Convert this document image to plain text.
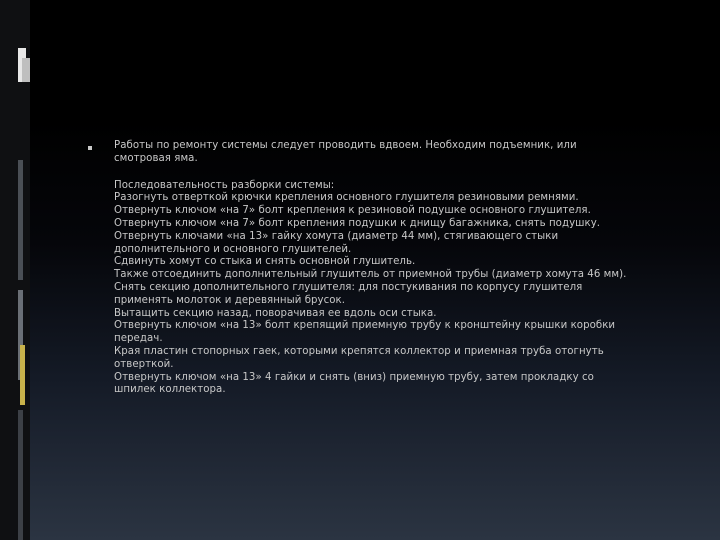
Работы по ремонту системы следует проводить вдвоем. Необходим подъемник, или
смотровая яма.
Последовательность разборки системы:
Разогнуть отверткой крючки крепления основного глушителя резиновыми ремнями.
Отвернуть ключом «на 7» болт крепления к резиновой подушке основного глушителя.
Отвернуть ключом «на 7» болт крепления подушки к днищу багажника, снять подушку.
Отвернуть ключами «на 13» гайку хомута (диаметр 44 мм), стягивающего стыки
дополнительного и основного глушителей.
Сдвинуть хомут со стыка и снять основной глушитель.
Также отсоединить дополнительный глушитель от приемной трубы (диаметр хомута 46 мм).
Снять секцию дополнительного глушителя: для постукивания по корпусу глушителя
применять молоток и деревянный брусок.
Вытащить секцию назад, поворачивая ее вдоль оси стыка.
Отвернуть ключом «на 13» болт крепящий приемную трубу к кронштейну крышки коробки
передач.
Края пластин стопорных гаек, которыми крепятся коллектор и приемная труба отогнуть
отверткой.
Отвернуть ключом «на 13» 4 гайки и снять (вниз) приемную трубу, затем прокладку со
шпилек коллектора.
